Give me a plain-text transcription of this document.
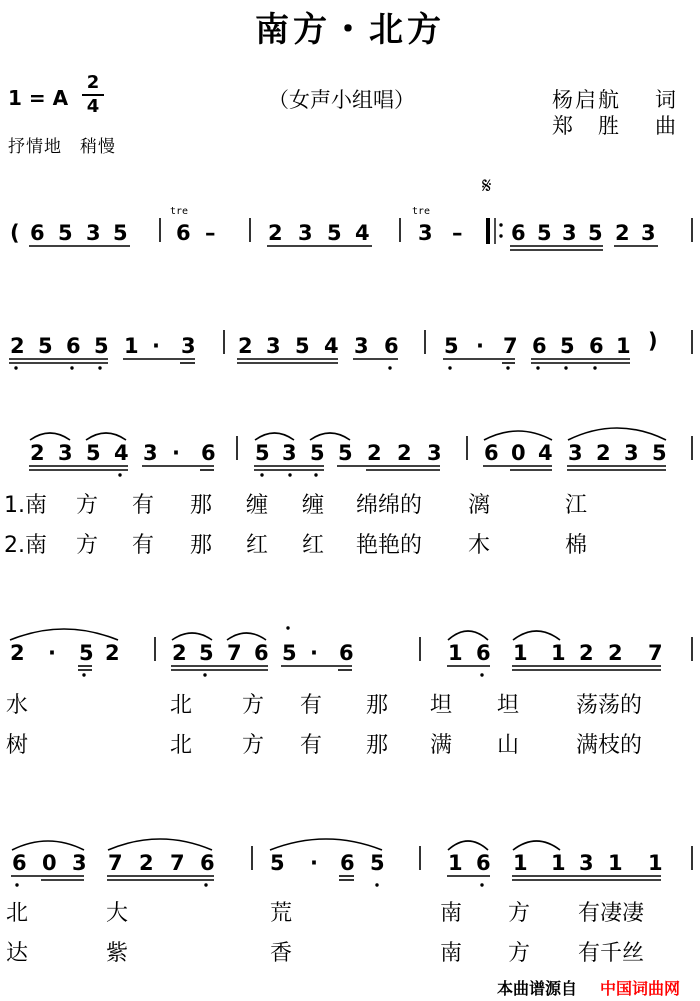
南方・北方
1 = A
2
4	（女声小组唱）	杨启航 词
郑　胜 曲
抒情地　稍慢
𝄋
( 6 5 3 5
tre
6 –	2 3 5 4
tre
3 – 6 5 3 5 2 3
2 5 6 5 1 3
·	2 3 5 4 3 6 5 · 7 6 5 6 1 )
2 3 5 4 3 6
·	5 3 5 5 2 2 3 6 0 4 3 2 3 5
1.南 方 有 那 缠 缠 绵绵的 漓	江
2.南 方 有 那 红 红 艳艳的 木	棉
2 · 5 2 2 5 7 6 5 6
·	1 6 1 1 2 2 7
水	北 方 有 那 坦 坦	荡荡的
树	北 方 有 那 满 山	满枝的
6 0 3 7 2 7 6	5 · 6 5	1 6 1 1 3 1 1
北	大	荒	南 方 有凄凄
达	紫	香	南 方 有千丝
本曲谱源自 中国词曲网
